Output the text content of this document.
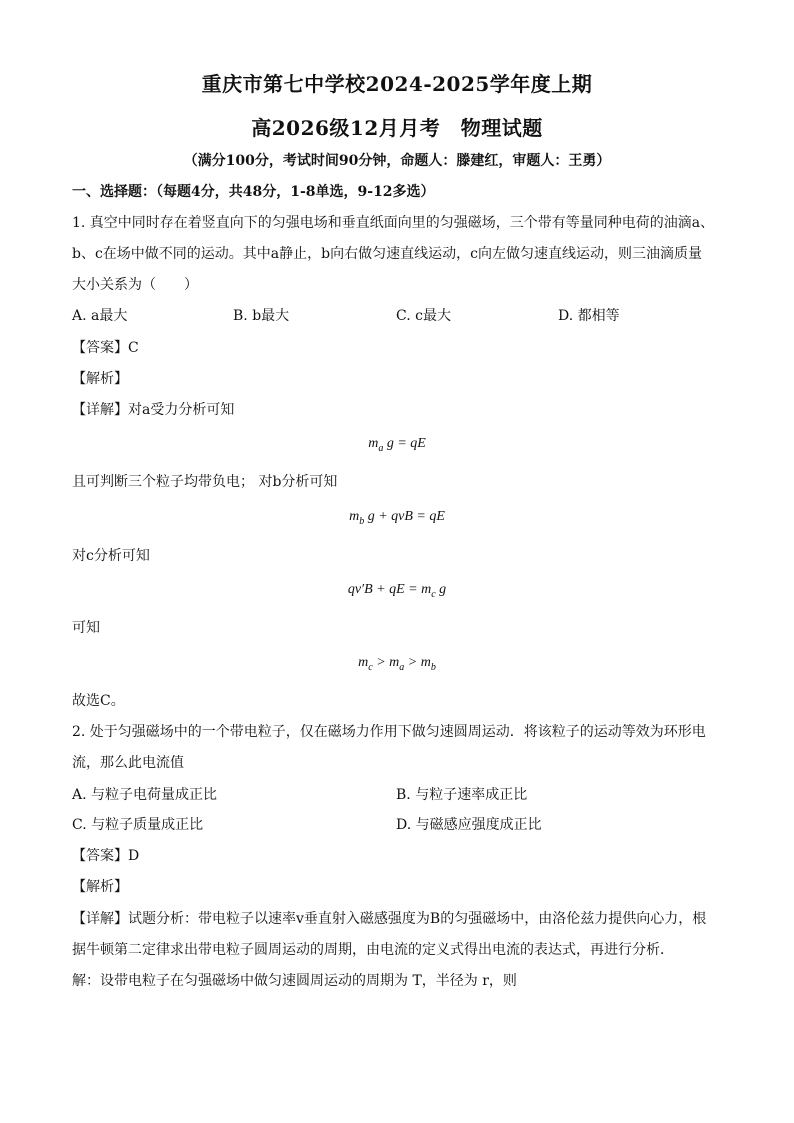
重庆市第七中学校2024-2025学年度上期
高2026级12月月考　物理试题
（满分100分，考试时间90分钟，命题人：滕建红，审题人：王勇）
一、选择题：（每题4分，共48分，1-8单选，9-12多选）
1. 真空中同时存在着竖直向下的匀强电场和垂直纸面向里的匀强磁场，三个带有等量同种电荷的油滴a、
b、c在场中做不同的运动。其中a静止，b向右做匀速直线运动，c向左做匀速直线运动，则三油滴质量
大小关系为（　　）
A. a最大	B. b最大	C. c最大	D. 都相等
【答案】C
【解析】
【详解】对a受力分析可知
$m_a$ g = qE
且可判断三个粒子均带负电； 对b分析可知
$m_b$ g + qvB = qE
对c分析可知
qv′B + qE = $m_c$ g
可知
$m_c > m_a > m_b$
故选C。
2. 处于匀强磁场中的一个带电粒子，仅在磁场力作用下做匀速圆周运动．将该粒子的运动等效为环形电
流，那么此电流值
A. 与粒子电荷量成正比	B. 与粒子速率成正比
C. 与粒子质量成正比	D. 与磁感应强度成正比
【答案】D
【解析】
【详解】试题分析：带电粒子以速率v垂直射入磁感强度为B的匀强磁场中，由洛伦兹力提供向心力，根
据牛顿第二定律求出带电粒子圆周运动的周期，由电流的定义式得出电流的表达式，再进行分析．
解：设带电粒子在匀强磁场中做匀速圆周运动的周期为 T，半径为 r，则
